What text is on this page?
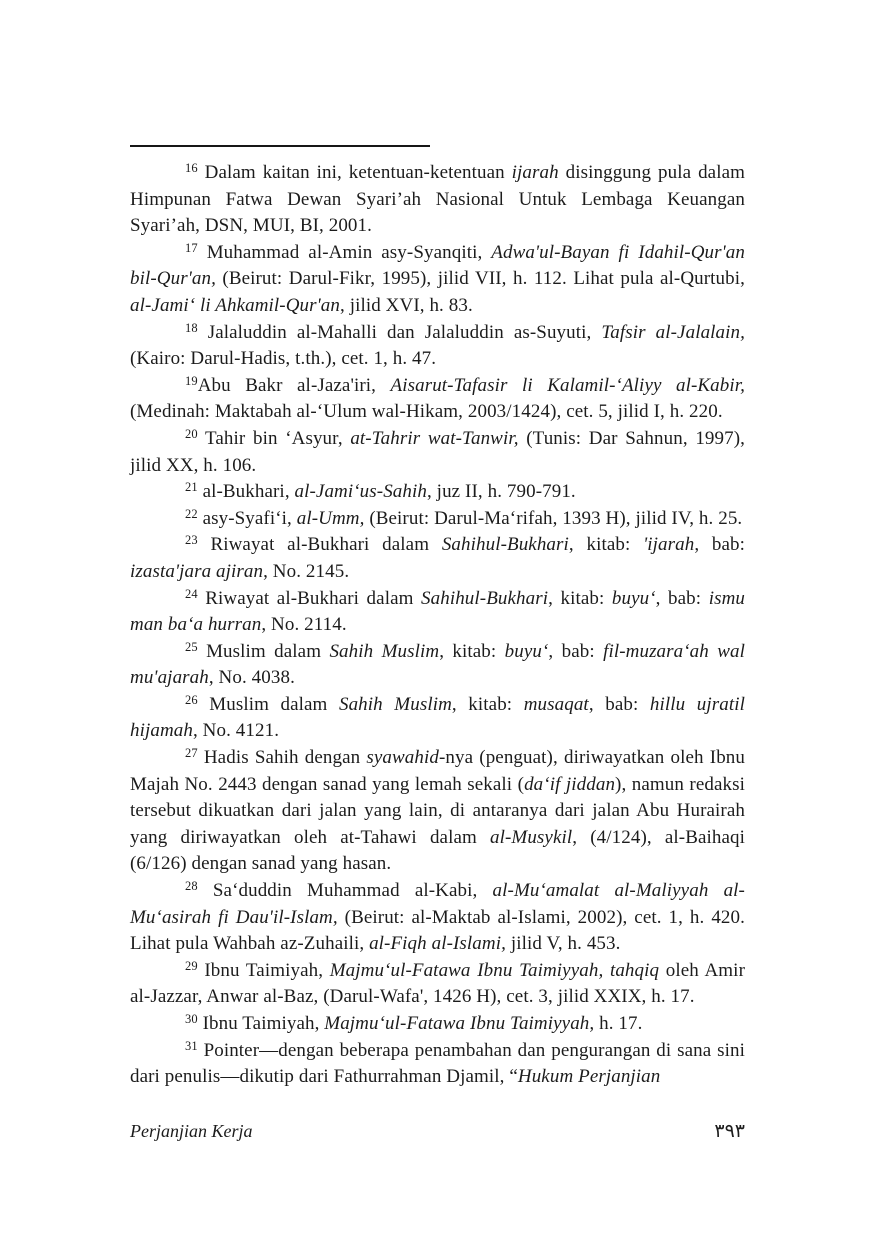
$^{16}$ Dalam kaitan ini, ketentuan-ketentuan ijarah disinggung pula dalam Himpunan Fatwa Dewan Syari’ah Nasional Untuk Lembaga Keuangan Syari’ah, DSN, MUI, BI, 2001.

$^{17}$ Muhammad al-Amin asy-Syanqiti, Adwa'ul-Bayan fi Idahil-Qur'an bil-Qur'an, (Beirut: Darul-Fikr, 1995), jilid VII, h. 112. Lihat pula al-Qurtubi, al-Jami‘ li Ahkamil-Qur'an, jilid XVI, h. 83.

$^{18}$ Jalaluddin al-Mahalli dan Jalaluddin as-Suyuti, Tafsir al-Jalalain, (Kairo: Darul-Hadis, t.th.), cet. 1, h. 47.

$^{19}$Abu Bakr al-Jaza'iri, Aisarut-Tafasir li Kalamil-‘Aliyy al-Kabir, (Medinah: Maktabah al-‘Ulum wal-Hikam, 2003/1424), cet. 5, jilid I, h. 220.

$^{20}$ Tahir bin ‘Asyur, at-Tahrir wat-Tanwir, (Tunis: Dar Sahnun, 1997), jilid XX, h. 106.

$^{21}$ al-Bukhari, al-Jami‘us-Sahih, juz II, h. 790-791.

$^{22}$ asy-Syafi‘i, al-Umm, (Beirut: Darul-Ma‘rifah, 1393 H), jilid IV, h. 25.

$^{23}$ Riwayat al-Bukhari dalam Sahihul-Bukhari, kitab: 'ijarah, bab: izasta'jara ajiran, No. 2145.

$^{24}$ Riwayat al-Bukhari dalam Sahihul-Bukhari, kitab: buyu‘, bab: ismu man ba‘a hurran, No. 2114.

$^{25}$ Muslim dalam Sahih Muslim, kitab: buyu‘, bab: fil-muzara‘ah wal mu'ajarah, No. 4038.

$^{26}$ Muslim dalam Sahih Muslim, kitab: musaqat, bab: hillu ujratil hijamah, No. 4121.

$^{27}$ Hadis Sahih dengan syawahid-nya (penguat), diriwayatkan oleh Ibnu Majah No. 2443 dengan sanad yang lemah sekali (da‘if jiddan), namun redaksi tersebut dikuatkan dari jalan yang lain, di antaranya dari jalan Abu Hurairah yang diriwayatkan oleh at-Tahawi dalam al-Musykil, (4/124), al-Baihaqi (6/126) dengan sanad yang hasan.

$^{28}$ Sa‘duddin Muhammad al-Kabi, al-Mu‘amalat al-Maliyyah al-Mu‘asirah fi Dau'il-Islam, (Beirut: al-Maktab al-Islami, 2002), cet. 1, h. 420. Lihat pula Wahbah az-Zuhaili, al-Fiqh al-Islami, jilid V, h. 453.

$^{29}$ Ibnu Taimiyah, Majmu‘ul-Fatawa Ibnu Taimiyyah, tahqiq oleh Amir al-Jazzar, Anwar al-Baz, (Darul-Wafa', 1426 H), cet. 3, jilid XXIX, h. 17.

$^{30}$ Ibnu Taimiyah, Majmu‘ul-Fatawa Ibnu Taimiyyah, h. 17.

$^{31}$ Pointer—dengan beberapa penambahan dan pengurangan di sana sini dari penulis—dikutip dari Fathurrahman Djamil, “Hukum Perjanjian

Perjanjian Kerja	٣٩٣
